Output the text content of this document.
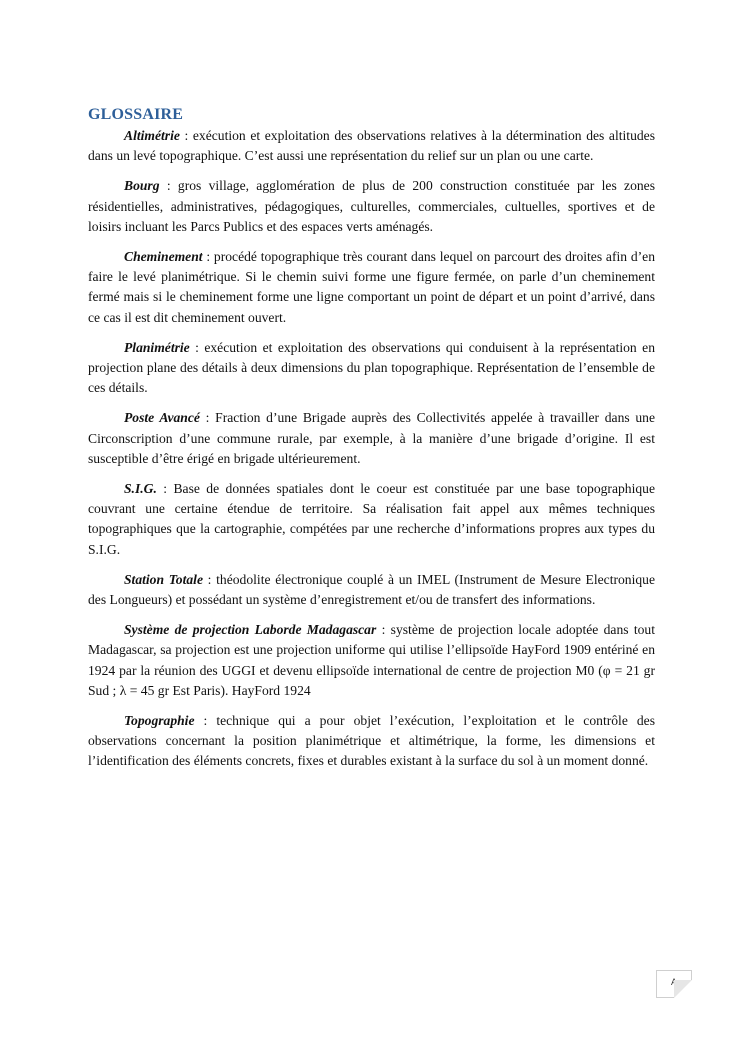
GLOSSAIRE

Altimétrie : exécution et exploitation des observations relatives à la détermination des altitudes dans un levé topographique. C’est aussi une représentation du relief sur un plan ou une carte.

Bourg : gros village, agglomération de plus de 200 construction constituée par les zones résidentielles, administratives, pédagogiques, culturelles, commerciales, cultuelles, sportives et de loisirs incluant les Parcs Publics et des espaces verts aménagés.

Cheminement : procédé topographique très courant dans lequel on parcourt des droites afin d’en faire le levé planimétrique. Si le chemin suivi forme une figure fermée, on parle d’un cheminement fermé mais si le cheminement forme une ligne comportant un point de départ et un point d’arrivé, dans ce cas il est dit cheminement ouvert.

Planimétrie : exécution et exploitation des observations qui conduisent à la représentation en projection plane des détails à deux dimensions du plan topographique. Représentation de l’ensemble de ces détails.

Poste Avancé : Fraction d’une Brigade auprès des Collectivités appelée à travailler dans une Circonscription d’une commune rurale, par exemple, à la manière d’une brigade d’origine. Il est susceptible d’être érigé en brigade ultérieurement.

S.I.G. : Base de données spatiales dont le coeur est constituée par une base topographique couvrant une certaine étendue de territoire. Sa réalisation fait appel aux mêmes techniques topographiques que la cartographie, compétées par une recherche d’informations propres aux types du S.I.G.

Station Totale : théodolite électronique couplé à un IMEL (Instrument de Mesure Electronique des Longueurs) et possédant un système d’enregistrement et/ou de transfert des informations.

Système de projection Laborde Madagascar : système de projection locale adoptée dans tout Madagascar, sa projection est une projection uniforme qui utilise l’ellipsoïde HayFord 1909 entériné en 1924 par la réunion des UGGI et devenu ellipsoïde international de centre de projection M0 (φ = 21 gr Sud ; λ = 45 gr Est Paris). HayFord 1924

Topographie : technique qui a pour objet l’exécution, l’exploitation et le contrôle des observations concernant la position planimétrique et altimétrique, la forme, les dimensions et l’identification des éléments concrets, fixes et durables existant à la surface du sol à un moment donné.

A
